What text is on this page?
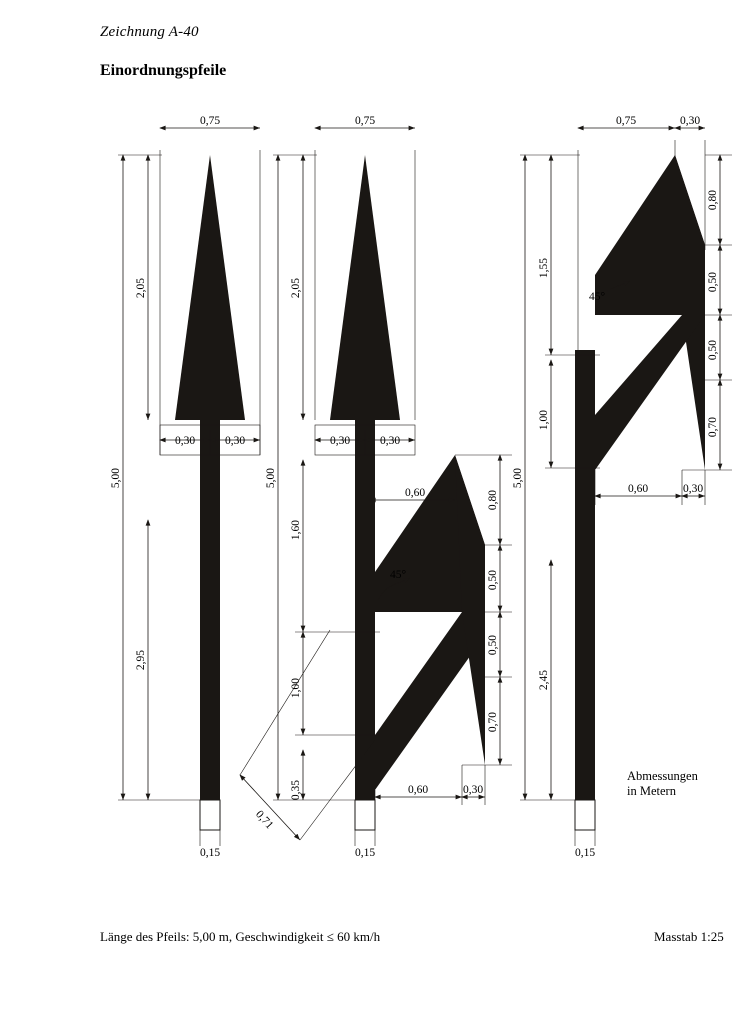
Zeichnung A-40
Einordnungspfeile
Abmessungen
in Metern
Länge des Pfeils: 5,00 m, Geschwindigkeit ≤ 60 km/h	Masstab 1:25
0,75
2,05
5,00
2,95
0,30	0,30
0,15
0,75
2,05
5,00
0,30	0,30
1,60
1,00
0,35
0,71
45°
0,80
0,50
0,50
0,70
0,60
0,60	0,30
0,15
0,75	0,30
1,55
1,00
2,45
5,00
0,80
0,50
0,50
0,70
45°
0,60	0,30
0,15
